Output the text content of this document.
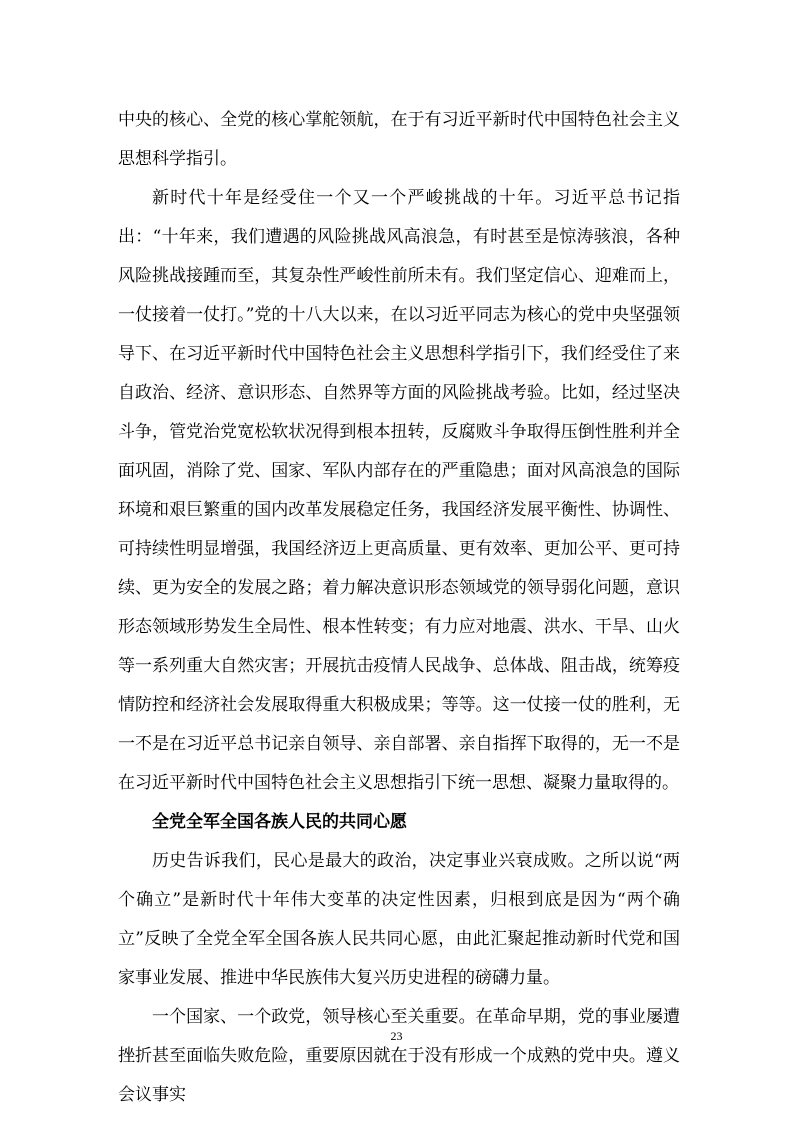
中央的核心、全党的核心掌舵领航，在于有习近平新时代中国特色社会主义思想科学指引。

新时代十年是经受住一个又一个严峻挑战的十年。习近平总书记指出：“十年来，我们遭遇的风险挑战风高浪急，有时甚至是惊涛骇浪，各种风险挑战接踵而至，其复杂性严峻性前所未有。我们坚定信心、迎难而上，一仗接着一仗打。”党的十八大以来，在以习近平同志为核心的党中央坚强领导下、在习近平新时代中国特色社会主义思想科学指引下，我们经受住了来自政治、经济、意识形态、自然界等方面的风险挑战考验。比如，经过坚决斗争，管党治党宽松软状况得到根本扭转，反腐败斗争取得压倒性胜利并全面巩固，消除了党、国家、军队内部存在的严重隐患；面对风高浪急的国际环境和艰巨繁重的国内改革发展稳定任务，我国经济发展平衡性、协调性、可持续性明显增强，我国经济迈上更高质量、更有效率、更加公平、更可持续、更为安全的发展之路；着力解决意识形态领域党的领导弱化问题，意识形态领域形势发生全局性、根本性转变；有力应对地震、洪水、干旱、山火等一系列重大自然灾害；开展抗击疫情人民战争、总体战、阻击战，统筹疫情防控和经济社会发展取得重大积极成果；等等。这一仗接一仗的胜利，无一不是在习近平总书记亲自领导、亲自部署、亲自指挥下取得的，无一不是在习近平新时代中国特色社会主义思想指引下统一思想、凝聚力量取得的。

全党全军全国各族人民的共同心愿

历史告诉我们，民心是最大的政治，决定事业兴衰成败。之所以说“两个确立”是新时代十年伟大变革的决定性因素，归根到底是因为“两个确立”反映了全党全军全国各族人民共同心愿，由此汇聚起推动新时代党和国家事业发展、推进中华民族伟大复兴历史进程的磅礴力量。

一个国家、一个政党，领导核心至关重要。在革命早期，党的事业屡遭挫折甚至面临失败危险，重要原因就在于没有形成一个成熟的党中央。遵义会议事实

23
